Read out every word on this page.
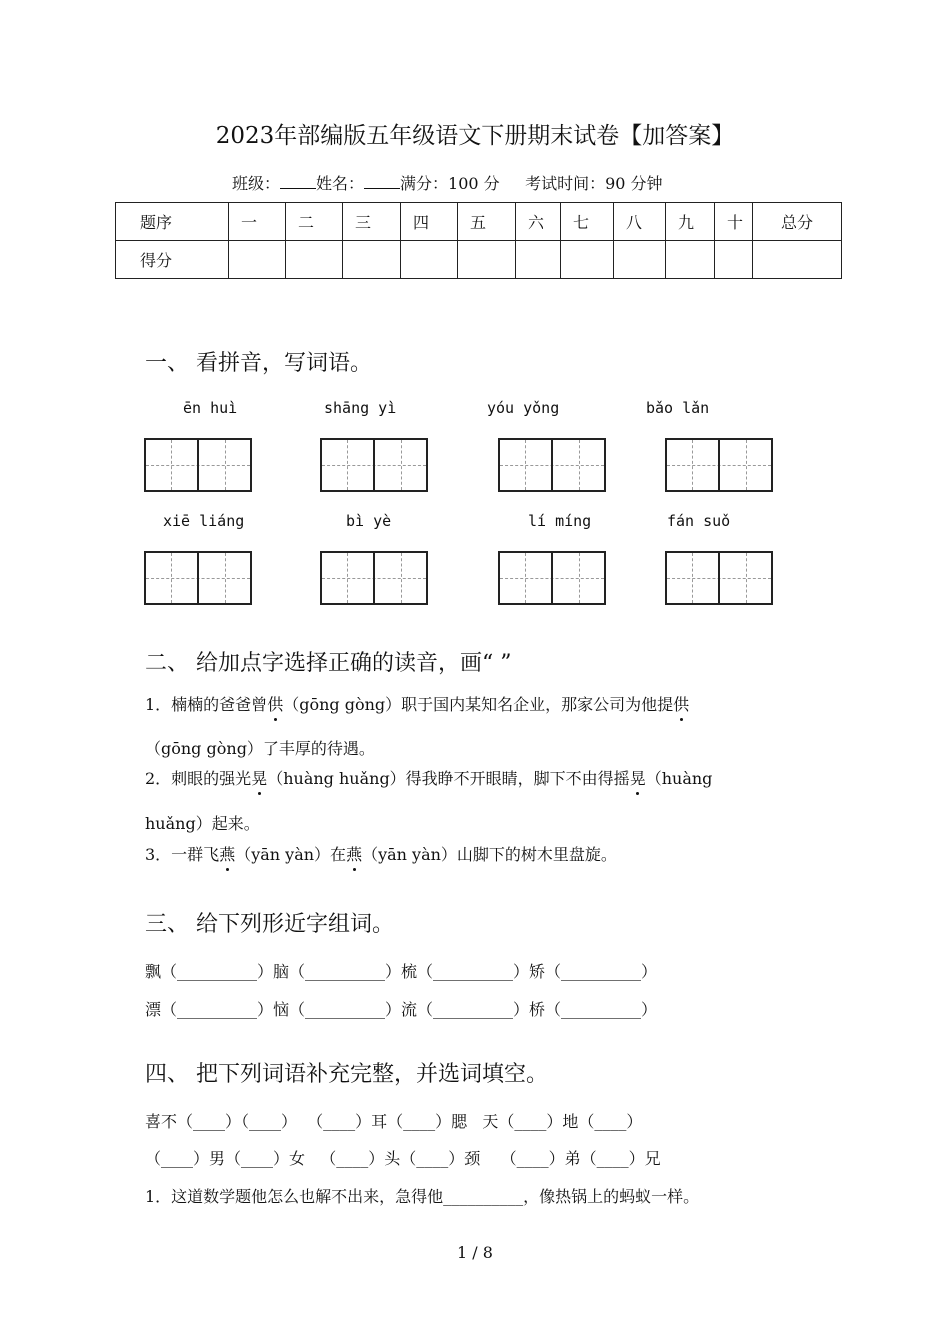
2023年部编版五年级语文下册期末试卷【加答案】
班级： 姓名： 满分：100 分 考试时间：90 分钟
题序	一	二	三	四	五	六	七	八	九	十	总分
得分											
一、 看拼音，写词语。
ēn huì	shāng yì	yóu yǒng	bǎo lǎn
xiē liáng	bì yè	lí míng	fán suǒ
二、 给加点字选择正确的读音，画“ ”
1．楠楠的爸爸曾供（gōng gòng）职于国内某知名企业，那家公司为他提供
（gōng gòng）了丰厚的待遇。
2．刺眼的强光晃（huàng huǎng）得我睁不开眼睛，脚下不由得摇晃（huàng
huǎng）起来。
3．一群飞燕（yān yàn）在燕（yān yàn）山脚下的树木里盘旋。
三、 给下列形近字组词。
飘（__________）脑（__________）梳（__________）矫（__________）
漂（__________）恼（__________）流（__________）桥（__________）
四、 把下列词语补充完整，并选词填空。
喜不（____）（____）  （____）耳（____）腮   天（____）地（____）
（____）男（____）女   （____）头（____）颈    （____）弟（____）兄
1．这道数学题他怎么也解不出来，急得他__________，像热锅上的蚂蚁一样。
1 / 8
